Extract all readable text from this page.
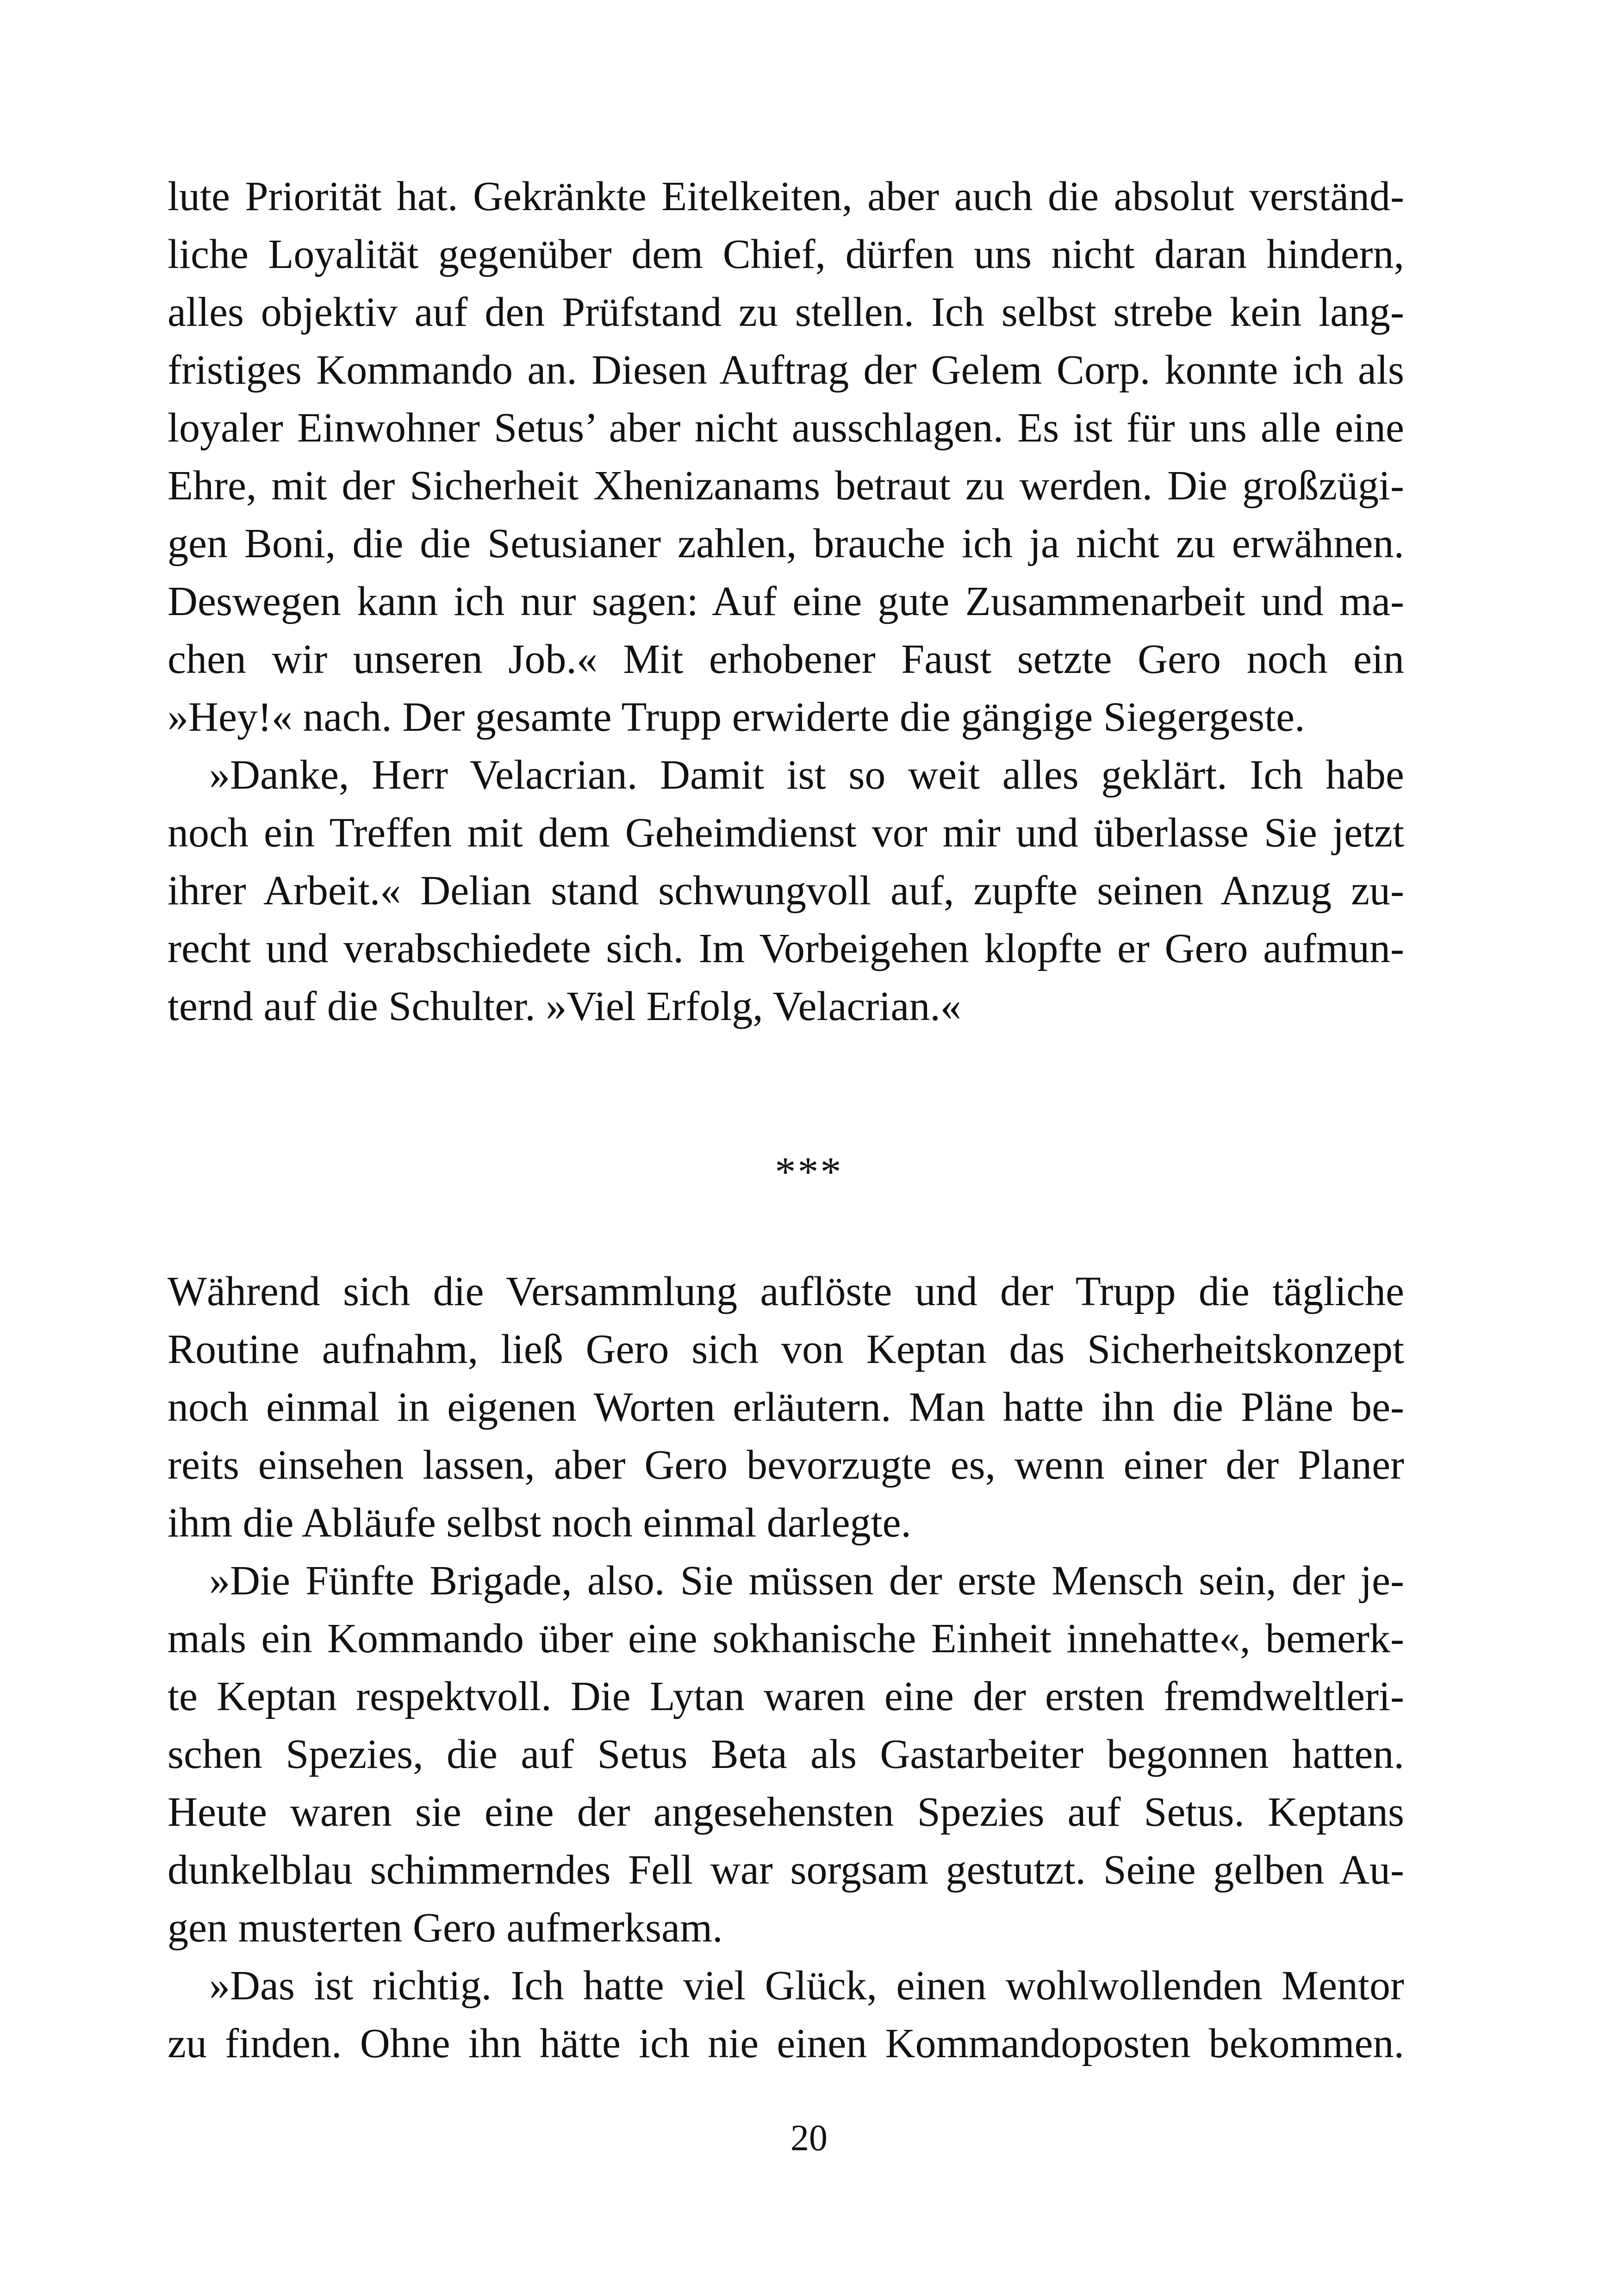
lute Priorität hat. Gekränkte Eitelkeiten, aber auch die absolut verständ-
liche Loyalität gegenüber dem Chief, dürfen uns nicht daran hindern,
alles objektiv auf den Prüfstand zu stellen. Ich selbst strebe kein lang-
fristiges Kommando an. Diesen Auftrag der Gelem Corp. konnte ich als
loyaler Einwohner Setus’ aber nicht ausschlagen. Es ist für uns alle eine
Ehre, mit der Sicherheit Xhenizanams betraut zu werden. Die großzügi-
gen Boni, die die Setusianer zahlen, brauche ich ja nicht zu erwähnen.
Deswegen kann ich nur sagen: Auf eine gute Zusammenarbeit und ma-
chen wir unseren Job.« Mit erhobener Faust setzte Gero noch ein
»Hey!« nach. Der gesamte Trupp erwiderte die gängige Siegergeste.
»Danke, Herr Velacrian. Damit ist so weit alles geklärt. Ich habe
noch ein Treffen mit dem Geheimdienst vor mir und überlasse Sie jetzt
ihrer Arbeit.« Delian stand schwungvoll auf, zupfte seinen Anzug zu-
recht und verabschiedete sich. Im Vorbeigehen klopfte er Gero aufmun-
ternd auf die Schulter. »Viel Erfolg, Velacrian.«
***
Während sich die Versammlung auflöste und der Trupp die tägliche
Routine aufnahm, ließ Gero sich von Keptan das Sicherheitskonzept
noch einmal in eigenen Worten erläutern. Man hatte ihn die Pläne be-
reits einsehen lassen, aber Gero bevorzugte es, wenn einer der Planer
ihm die Abläufe selbst noch einmal darlegte.
»Die Fünfte Brigade, also. Sie müssen der erste Mensch sein, der je-
mals ein Kommando über eine sokhanische Einheit innehatte«, bemerk-
te Keptan respektvoll. Die Lytan waren eine der ersten fremdweltleri-
schen Spezies, die auf Setus Beta als Gastarbeiter begonnen hatten.
Heute waren sie eine der angesehensten Spezies auf Setus. Keptans
dunkelblau schimmerndes Fell war sorgsam gestutzt. Seine gelben Au-
gen musterten Gero aufmerksam.
»Das ist richtig. Ich hatte viel Glück, einen wohlwollenden Mentor
zu finden. Ohne ihn hätte ich nie einen Kommandoposten bekommen.
20
